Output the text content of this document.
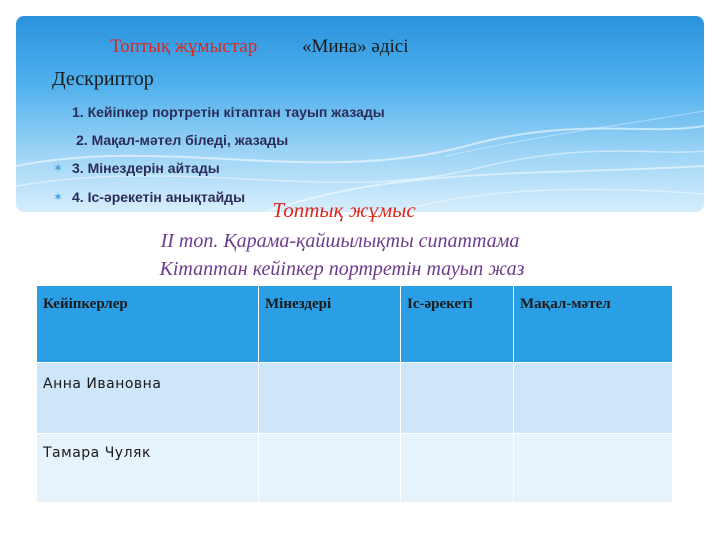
Топтық жұмыстар «Мина» әдісі
Дескриптор
1. Кейіпкер портретін кітаптан тауып жазады
2. Мақал-мәтел біледі, жазады
✶ 3. Мінездерін айтады
✶ 4. Іс-әрекетін анықтайды
Топтық жұмыс
ІІ топ. Қарама-қайшылықты сипаттама
Кітаптан кейіпкер портретін тауып жаз
Кейіпкерлер	Мінездері	Іс-әрекеті	Мақал-мәтел
Анна Ивановна			
Тамара Чуляк			
